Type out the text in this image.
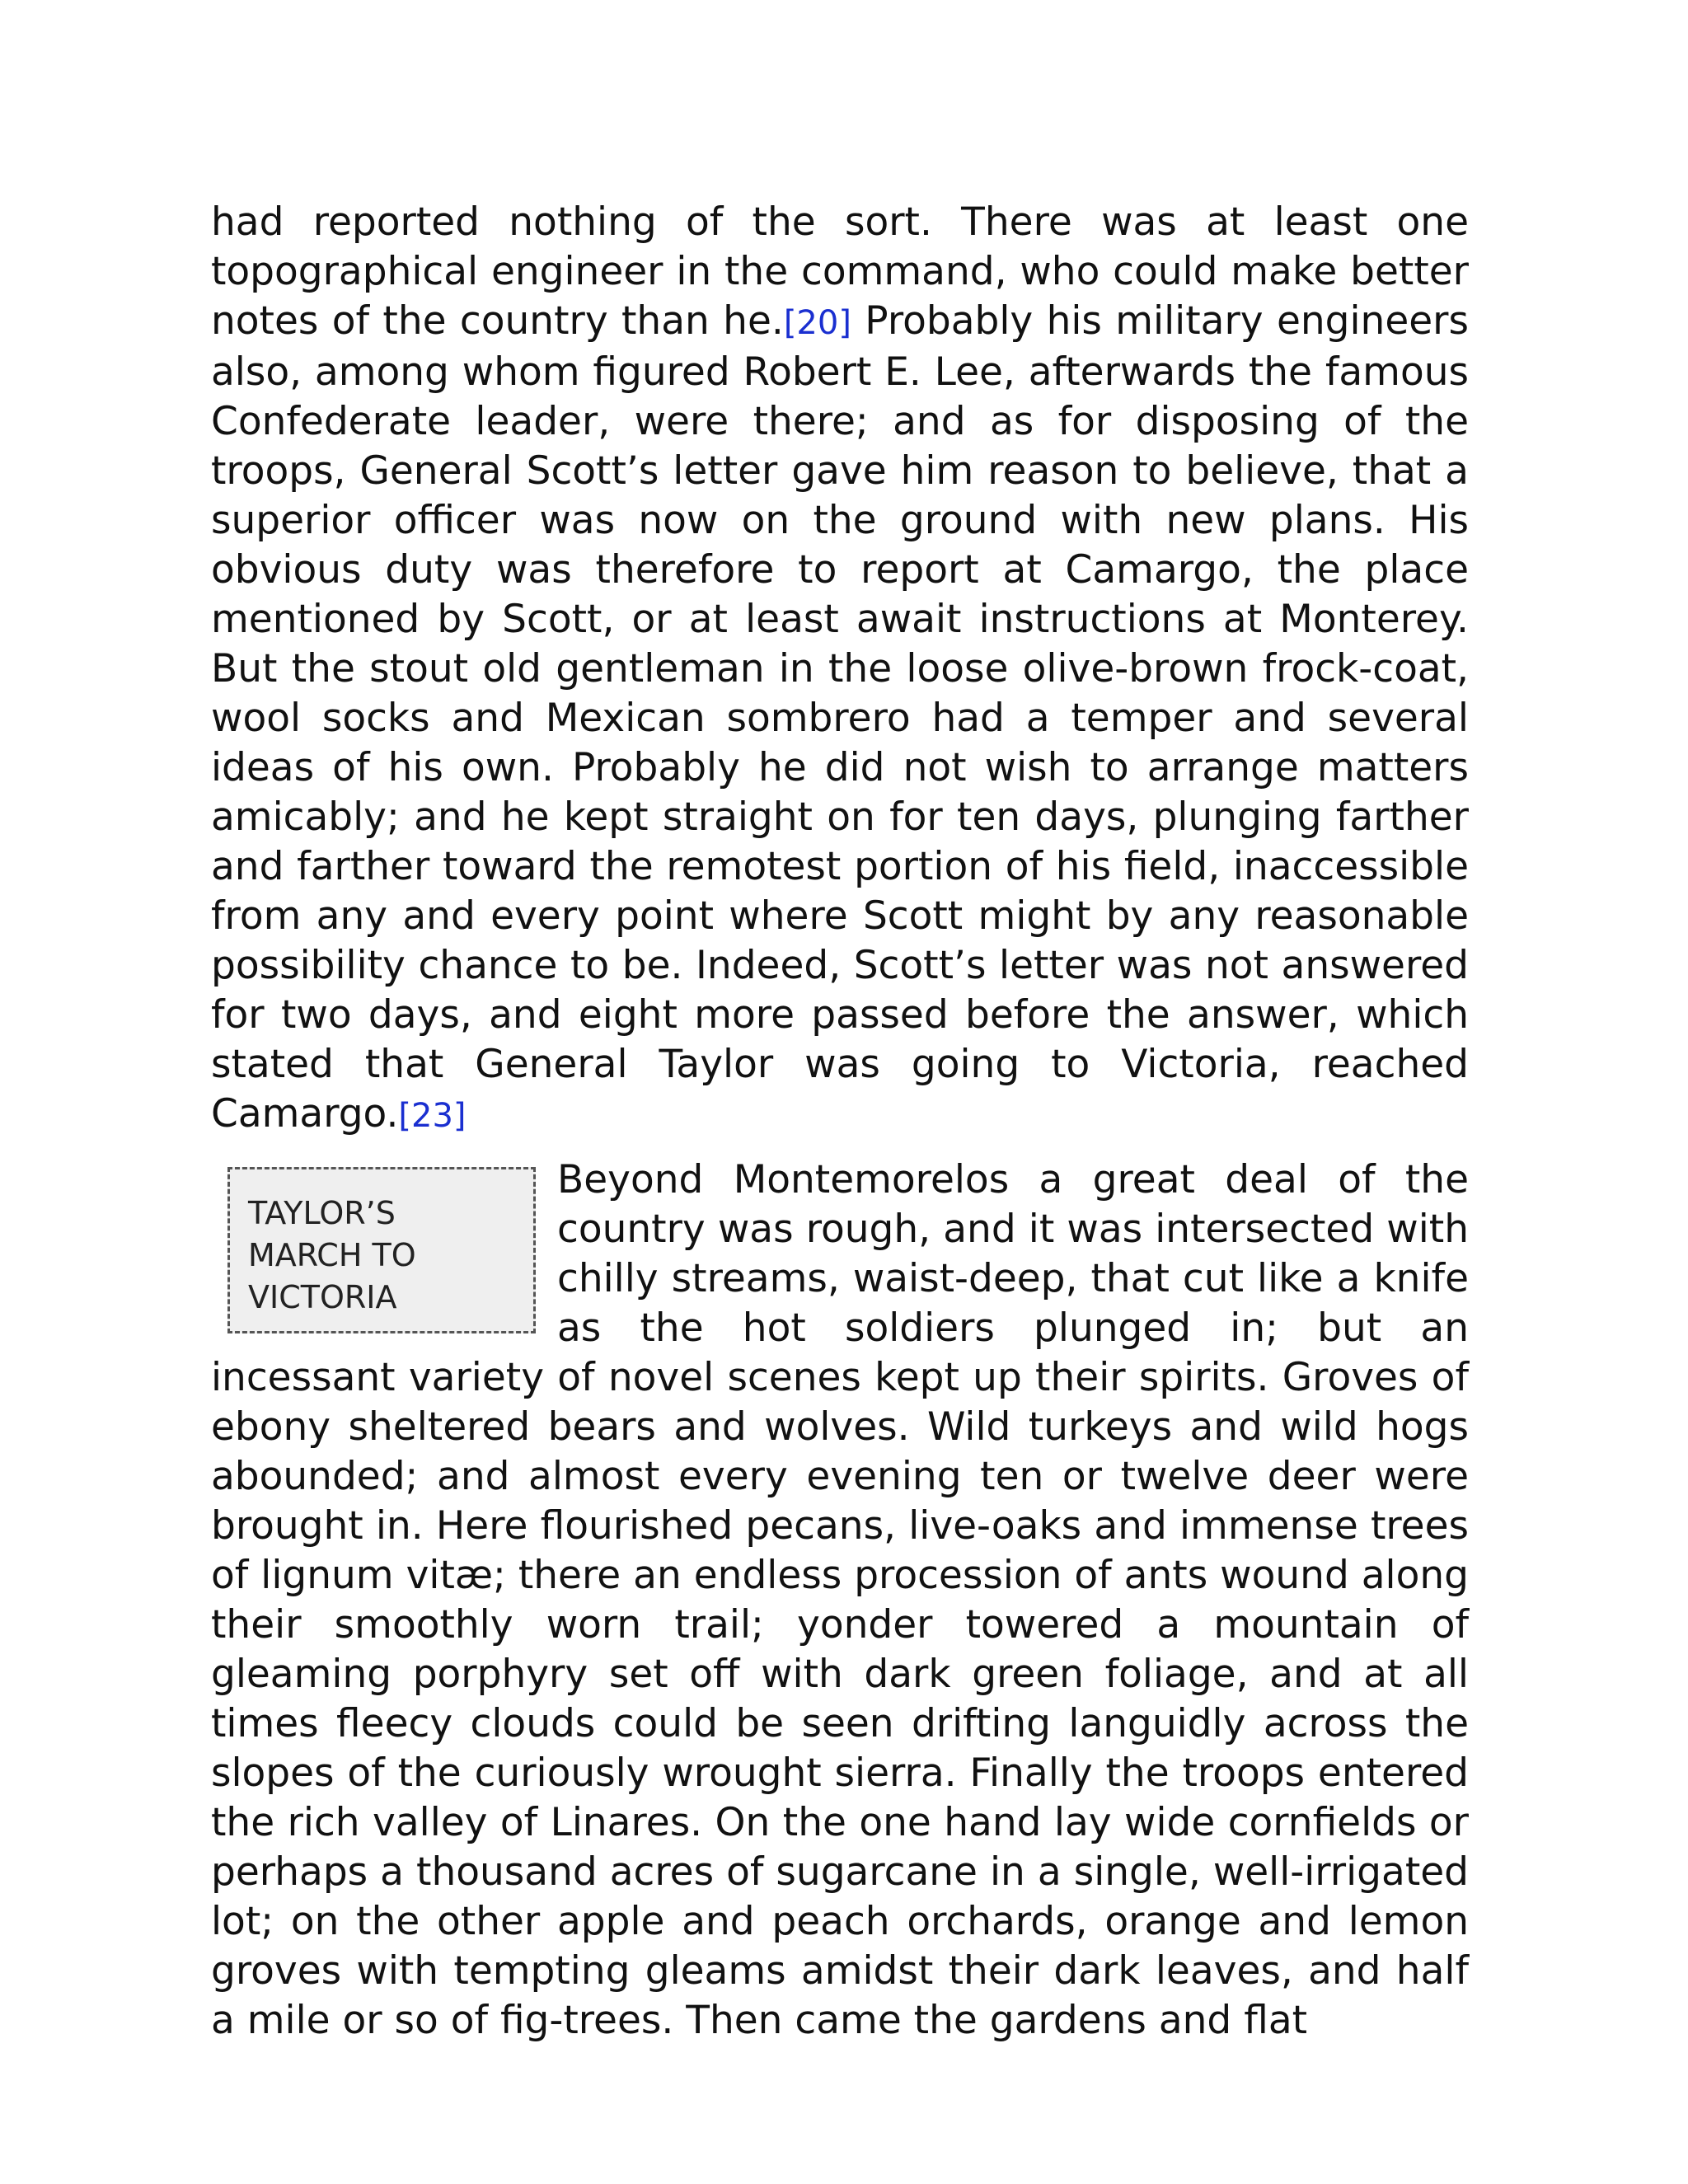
had reported nothing of the sort. There was at least one topographical engineer in the command, who could make better notes of the country than he.[20] Probably his military engineers also, among whom figured Robert E. Lee, afterwards the famous Confederate leader, were there; and as for disposing of the troops, General Scott’s letter gave him reason to believe, that a superior officer was now on the ground with new plans. His obvious duty was therefore to report at Camargo, the place mentioned by Scott, or at least await instructions at Monterey. But the stout old gentleman in the loose olive-brown frock-coat, wool socks and Mexican sombrero had a temper and several ideas of his own. Probably he did not wish to arrange matters amicably; and he kept straight on for ten days, plunging farther and farther toward the remotest portion of his field, inaccessible from any and every point where Scott might by any reasonable possibility chance to be. Indeed, Scott’s letter was not answered for two days, and eight more passed before the answer, which stated that General Taylor was going to Victoria, reached Camargo.[23]

TAYLOR’S
MARCH TO
VICTORIA
Beyond Montemorelos a great deal of the country was rough, and it was intersected with chilly streams, waist-deep, that cut like a knife as the hot soldiers plunged in; but an incessant variety of novel scenes kept up their spirits. Groves of ebony sheltered bears and wolves. Wild turkeys and wild hogs abounded; and almost every evening ten or twelve deer were brought in. Here flourished pecans, live-oaks and immense trees of lignum vitæ; there an endless procession of ants wound along their smoothly worn trail; yonder towered a mountain of gleaming porphyry set off with dark green foliage, and at all times fleecy clouds could be seen drifting languidly across the slopes of the curiously wrought sierra. Finally the troops entered the rich valley of Linares. On the one hand lay wide cornfields or perhaps a thousand acres of sugarcane in a single, well-irrigated lot; on the other apple and peach orchards, orange and lemon groves with tempting gleams amidst their dark leaves, and half a mile or so of fig-trees. Then came the gardens and flat
